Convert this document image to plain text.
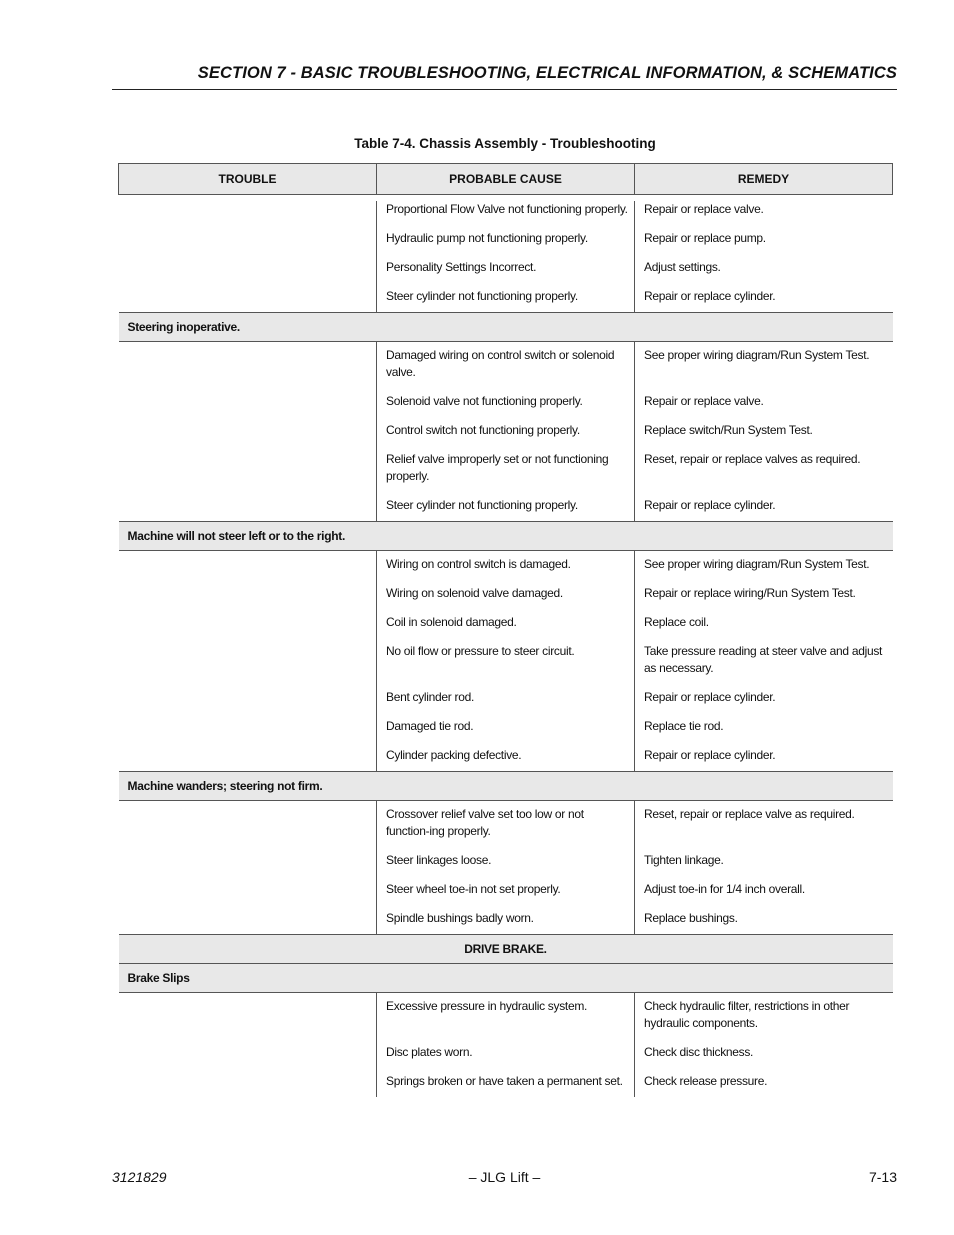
SECTION 7 - BASIC TROUBLESHOOTING, ELECTRICAL INFORMATION, & SCHEMATICS
Table 7-4. Chassis Assembly - Troubleshooting
TROUBLE	PROBABLE CAUSE	REMEDY

	Proportional Flow Valve not functioning properly.	Repair or replace valve.
	Hydraulic pump not functioning properly.	Repair or replace pump.
	Personality Settings Incorrect.	Adjust settings.
	Steer cylinder not functioning properly.	Repair or replace cylinder.
Steering inoperative.		
	Damaged wiring on control switch or solenoid valve.	See proper wiring diagram/Run System Test.
	Solenoid valve not functioning properly.	Repair or replace valve.
	Control switch not functioning properly.	Replace switch/Run System Test.
	Relief valve improperly set or not functioning properly.	Reset, repair or replace valves as required.
	Steer cylinder not functioning properly.	Repair or replace cylinder.
Machine will not steer left or to the right.		
	Wiring on control switch is damaged.	See proper wiring diagram/Run System Test.
	Wiring on solenoid valve damaged.	Repair or replace wiring/Run System Test.
	Coil in solenoid damaged.	Replace coil.
	No oil flow or pressure to steer circuit.	Take pressure reading at steer valve and adjust as necessary.
	Bent cylinder rod.	Repair or replace cylinder.
	Damaged tie rod.	Replace tie rod.
	Cylinder packing defective.	Repair or replace cylinder.
Machine wanders; steering not firm.		
	Crossover relief valve set too low or not function-ing properly.	Reset, repair or replace valve as required.
	Steer linkages loose.	Tighten linkage.
	Steer wheel toe-in not set properly.	Adjust toe-in for 1/4 inch overall.
	Spindle bushings badly worn.	Replace bushings.
DRIVE BRAKE.		
Brake Slips		
	Excessive pressure in hydraulic system.	Check hydraulic filter, restrictions in other hydraulic components.
	Disc plates worn.	Check disc thickness.
	Springs broken or have taken a permanent set.	Check release pressure.
3121829	– JLG Lift –	7-13
